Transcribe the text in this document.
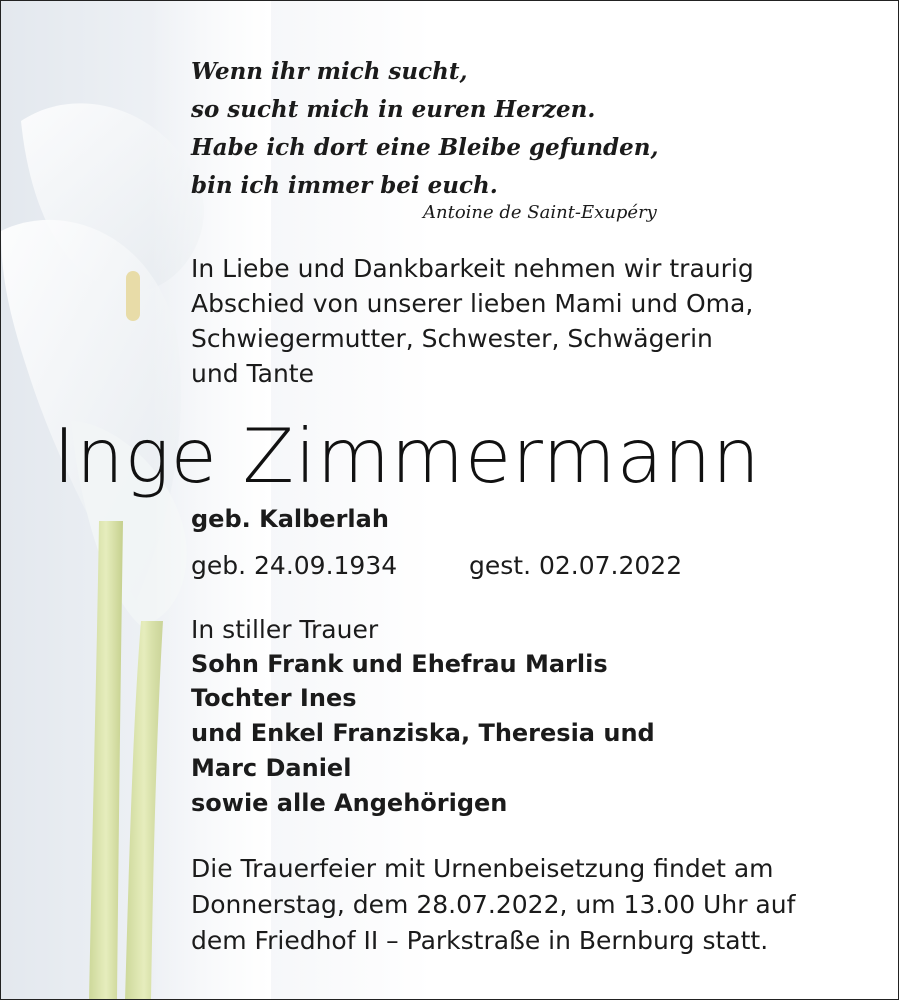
Wenn ihr mich sucht,
so sucht mich in euren Herzen.
Habe ich dort eine Bleibe gefunden,
bin ich immer bei euch.
Antoine de Saint-Exupéry
In Liebe und Dankbarkeit nehmen wir traurig
Abschied von unserer lieben Mami und Oma,
Schwiegermutter, Schwester, Schwägerin
und Tante
Inge Zimmermann
geb. Kalberlah
geb. 24.09.1934	gest. 02.07.2022
In stiller Trauer
Sohn Frank und Ehefrau Marlis
Tochter Ines
und Enkel Franziska, Theresia und
Marc Daniel
sowie alle Angehörigen
Die Trauerfeier mit Urnenbeisetzung findet am
Donnerstag, dem 28.07.2022, um 13.00 Uhr auf
dem Friedhof II – Parkstraße in Bernburg statt.
